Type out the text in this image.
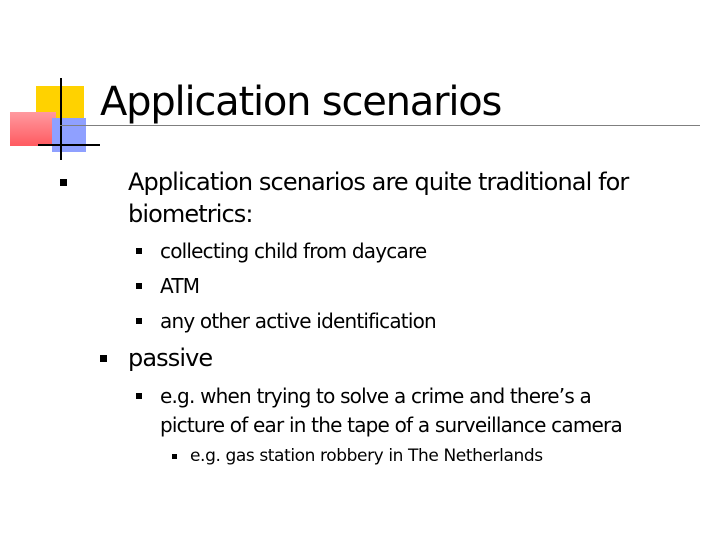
Application scenarios
Application scenarios are quite traditional for
biometrics:
collecting child from daycare
ATM
any other active identification
passive
e.g. when trying to solve a crime and there’s a
picture of ear in the tape of a surveillance camera
e.g. gas station robbery in The Netherlands
